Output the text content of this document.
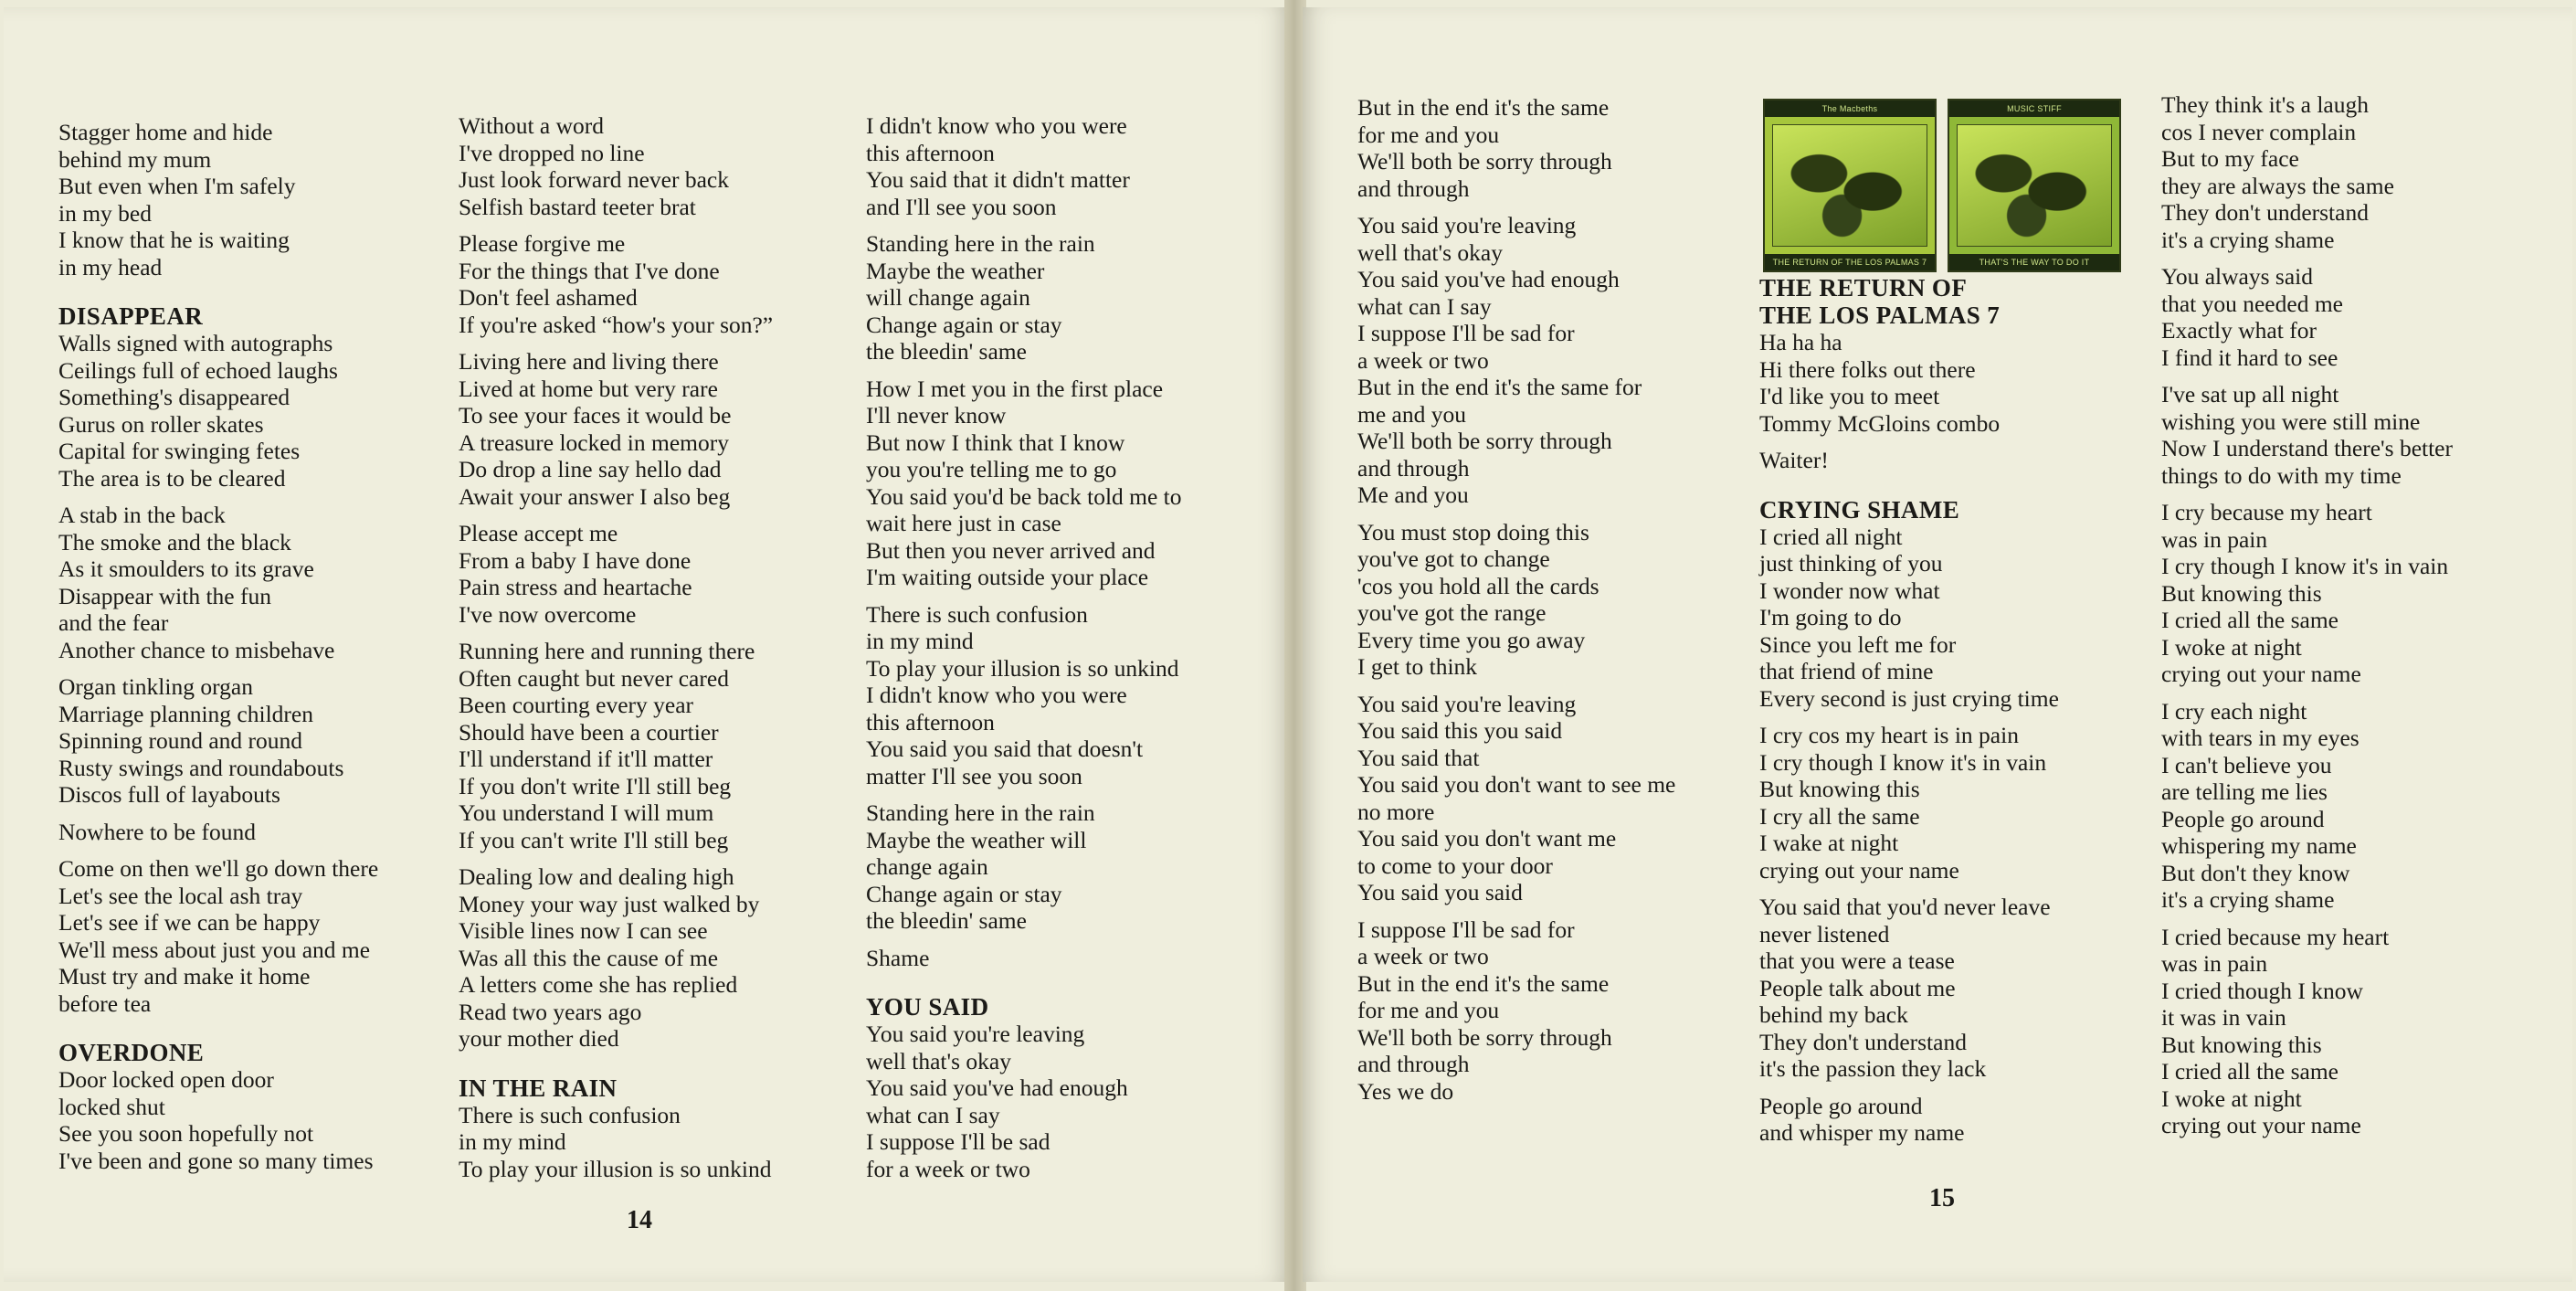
Stagger home and hide
behind my mum
But even when I'm safely
in my bed
I know that he is waiting
in my head
DISAPPEAR
Walls signed with autographs
Ceilings full of echoed laughs
Something's disappeared
Gurus on roller skates
Capital for swinging fetes
The area is to be cleared
A stab in the back
The smoke and the black
As it smoulders to its grave
Disappear with the fun
and the fear
Another chance to misbehave
Organ tinkling organ
Marriage planning children
Spinning round and round
Rusty swings and roundabouts
Discos full of layabouts
Nowhere to be found
Come on then we'll go down there
Let's see the local ash tray
Let's see if we can be happy
We'll mess about just you and me
Must try and make it home
before tea
OVERDONE
Door locked open door
locked shut
See you soon hopefully not
I've been and gone so many times
Without a word
I've dropped no line
Just look forward never back
Selfish bastard teeter brat
Please forgive me
For the things that I've done
Don't feel ashamed
If you're asked “how's your son?”
Living here and living there
Lived at home but very rare
To see your faces it would be
A treasure locked in memory
Do drop a line say hello dad
Await your answer I also beg
Please accept me
From a baby I have done
Pain stress and heartache
I've now overcome
Running here and running there
Often caught but never cared
Been courting every year
Should have been a courtier
I'll understand if it'll matter
If you don't write I'll still beg
You understand I will mum
If you can't write I'll still beg
Dealing low and dealing high
Money your way just walked by
Visible lines now I can see
Was all this the cause of me
A letters come she has replied
Read two years ago
your mother died
IN THE RAIN
There is such confusion
in my mind
To play your illusion is so unkind
I didn't know who you were
this afternoon
You said that it didn't matter
and I'll see you soon
Standing here in the rain
Maybe the weather
will change again
Change again or stay
the bleedin' same
How I met you in the first place
I'll never know
But now I think that I know
you you're telling me to go
You said you'd be back told me to
wait here just in case
But then you never arrived and
I'm waiting outside your place
There is such confusion
in my mind
To play your illusion is so unkind
I didn't know who you were
this afternoon
You said you said that doesn't
matter I'll see you soon
Standing here in the rain
Maybe the weather will
change again
Change again or stay
the bleedin' same
Shame
YOU SAID
You said you're leaving
well that's okay
You said you've had enough
what can I say
I suppose I'll be sad
for a week or two
14
The Macbeths
THE RETURN OF THE LOS PALMAS 7
MUSIC STIFF
THAT'S THE WAY TO DO IT
But in the end it's the same
for me and you
We'll both be sorry through
and through
You said you're leaving
well that's okay
You said you've had enough
what can I say
I suppose I'll be sad for
a week or two
But in the end it's the same for
me and you
We'll both be sorry through
and through
Me and you
You must stop doing this
you've got to change
'cos you hold all the cards
you've got the range
Every time you go away
I get to think
You said you're leaving
You said this you said
You said that
You said you don't want to see me
no more
You said you don't want me
to come to your door
You said you said
I suppose I'll be sad for
a week or two
But in the end it's the same
for me and you
We'll both be sorry through
and through
Yes we do
THE RETURN OF
THE LOS PALMAS 7
Ha ha ha
Hi there folks out there
I'd like you to meet
Tommy McGloins combo
Waiter!
CRYING SHAME
I cried all night
just thinking of you
I wonder now what
I'm going to do
Since you left me for
that friend of mine
Every second is just crying time
I cry cos my heart is in pain
I cry though I know it's in vain
But knowing this
I cry all the same
I wake at night
crying out your name
You said that you'd never leave
never listened
that you were a tease
People talk about me
behind my back
They don't understand
it's the passion they lack
People go around
and whisper my name
They think it's a laugh
cos I never complain
But to my face
they are always the same
They don't understand
it's a crying shame
You always said
that you needed me
Exactly what for
I find it hard to see
I've sat up all night
wishing you were still mine
Now I understand there's better
things to do with my time
I cry because my heart
was in pain
I cry though I know it's in vain
But knowing this
I cried all the same
I woke at night
crying out your name
I cry each night
with tears in my eyes
I can't believe you
are telling me lies
People go around
whispering my name
But don't they know
it's a crying shame
I cried because my heart
was in pain
I cried though I know
it was in vain
But knowing this
I cried all the same
I woke at night
crying out your name
15
